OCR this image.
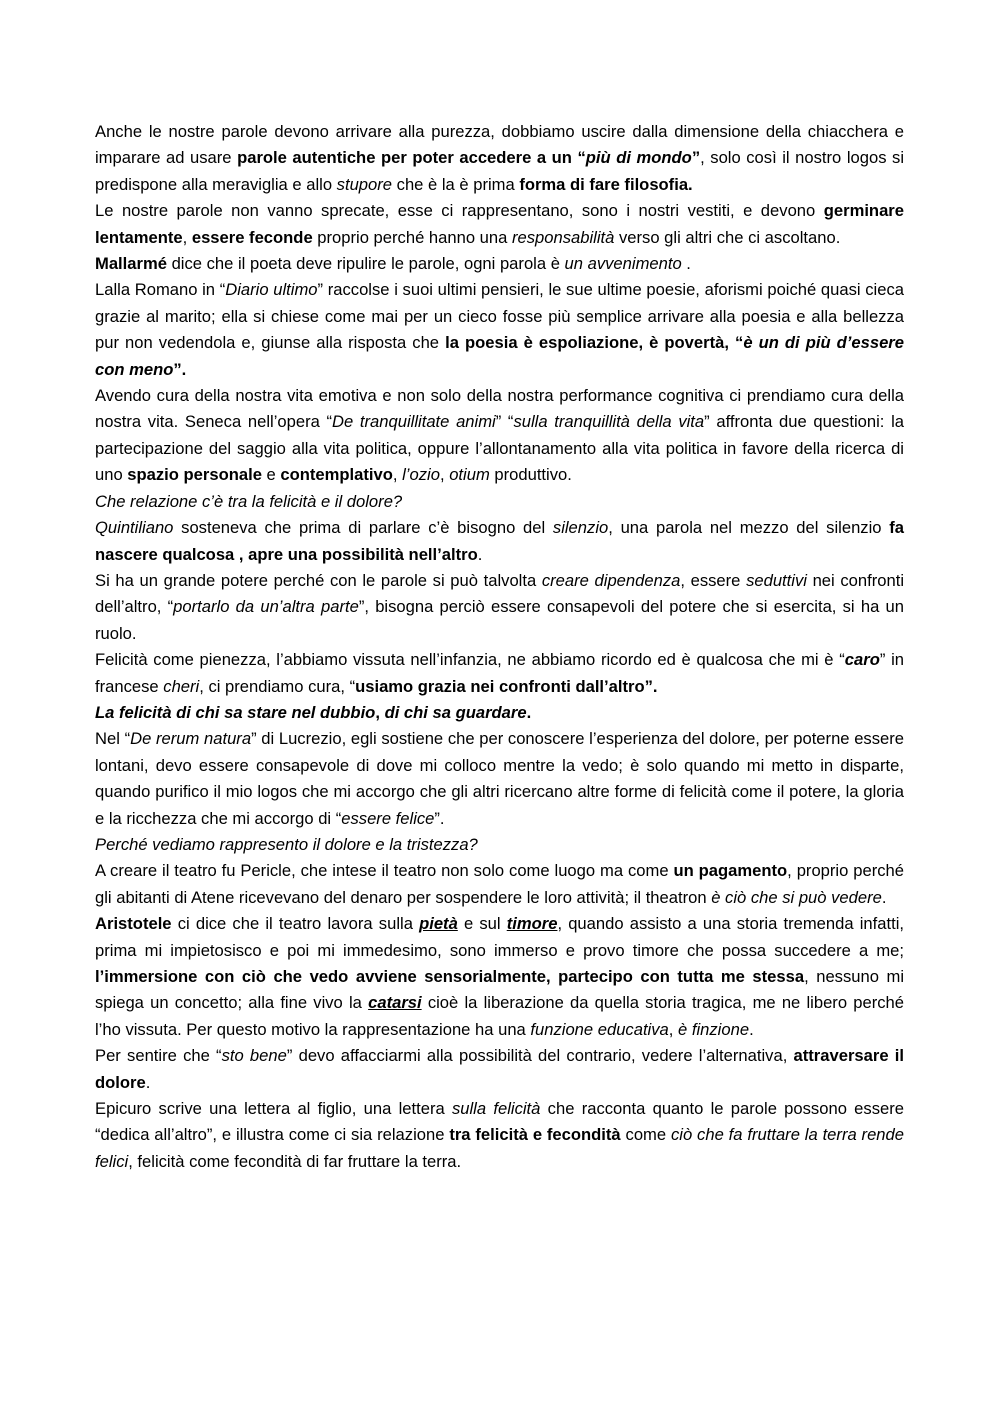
Anche le nostre parole devono arrivare alla purezza, dobbiamo uscire dalla dimensione della chiacchera e imparare ad usare parole autentiche per poter accedere a un “più di mondo”, solo così il nostro logos si predispone alla meraviglia e allo stupore che è la è prima forma di fare filosofia.

Le nostre parole non vanno sprecate, esse ci rappresentano, sono i nostri vestiti, e devono germinare lentamente, essere feconde proprio perché hanno una responsabilità verso gli altri che ci ascoltano.

Mallarmé dice che il poeta deve ripulire le parole, ogni parola è un avvenimento .

Lalla Romano in “Diario ultimo” raccolse i suoi ultimi pensieri, le sue ultime poesie, aforismi poiché quasi cieca grazie al marito; ella si chiese come mai per un cieco fosse più semplice arrivare alla poesia e alla bellezza pur non vedendola e, giunse alla risposta che la poesia è espoliazione, è povertà, “è un di più d’essere con meno”.

Avendo cura della nostra vita emotiva e non solo della nostra performance cognitiva ci prendiamo cura della nostra vita. Seneca nell’opera “De tranquillitate animi” “sulla tranquillità della vita” affronta due questioni: la partecipazione del saggio alla vita politica, oppure l’allontanamento alla vita politica in favore della ricerca di uno spazio personale e contemplativo, l’ozio, otium produttivo.

Che relazione c’è tra la felicità e il dolore?

Quintiliano sosteneva che prima di parlare c’è bisogno del silenzio, una parola nel mezzo del silenzio fa nascere qualcosa , apre una possibilità nell’altro.

Si ha un grande potere perché con le parole si può talvolta creare dipendenza, essere seduttivi nei confronti dell’altro, “portarlo da un’altra parte”, bisogna perciò essere consapevoli del potere che si esercita, si ha un ruolo.

Felicità come pienezza, l’abbiamo vissuta nell’infanzia, ne abbiamo ricordo ed è qualcosa che mi è “caro” in francese cheri, ci prendiamo cura, “usiamo grazia nei confronti dall’altro”.

La felicità di chi sa stare nel dubbio, di chi sa guardare.

Nel “De rerum natura” di Lucrezio, egli sostiene che per conoscere l’esperienza del dolore, per poterne essere lontani, devo essere consapevole di dove mi colloco mentre la vedo; è solo quando mi metto in disparte, quando purifico il mio logos che mi accorgo che gli altri ricercano altre forme di felicità come il potere, la gloria e la ricchezza che mi accorgo di “essere felice”.

Perché vediamo rappresento il dolore e la tristezza?

A creare il teatro fu Pericle, che intese il teatro non solo come luogo ma come un pagamento, proprio perché gli abitanti di Atene ricevevano del denaro per sospendere le loro attività; il theatron è ciò che si può vedere.

Aristotele ci dice che il teatro lavora sulla pietà e sul timore, quando assisto a una storia tremenda infatti, prima mi impietosisco e poi mi immedesimo, sono immerso e provo timore che possa succedere a me; l’immersione con ciò che vedo avviene sensorialmente, partecipo con tutta me stessa, nessuno mi spiega un concetto; alla fine vivo la catarsi cioè la liberazione da quella storia tragica, me ne libero perché l’ho vissuta. Per questo motivo la rappresentazione ha una funzione educativa, è finzione.

Per sentire che “sto bene” devo affacciarmi alla possibilità del contrario, vedere l’alternativa, attraversare il dolore.

Epicuro scrive una lettera al figlio, una lettera sulla felicità che racconta quanto le parole possono essere “dedica all’altro”, e illustra come ci sia relazione tra felicità e fecondità come ciò che fa fruttare la terra rende felici, felicità come fecondità di far fruttare la terra.
